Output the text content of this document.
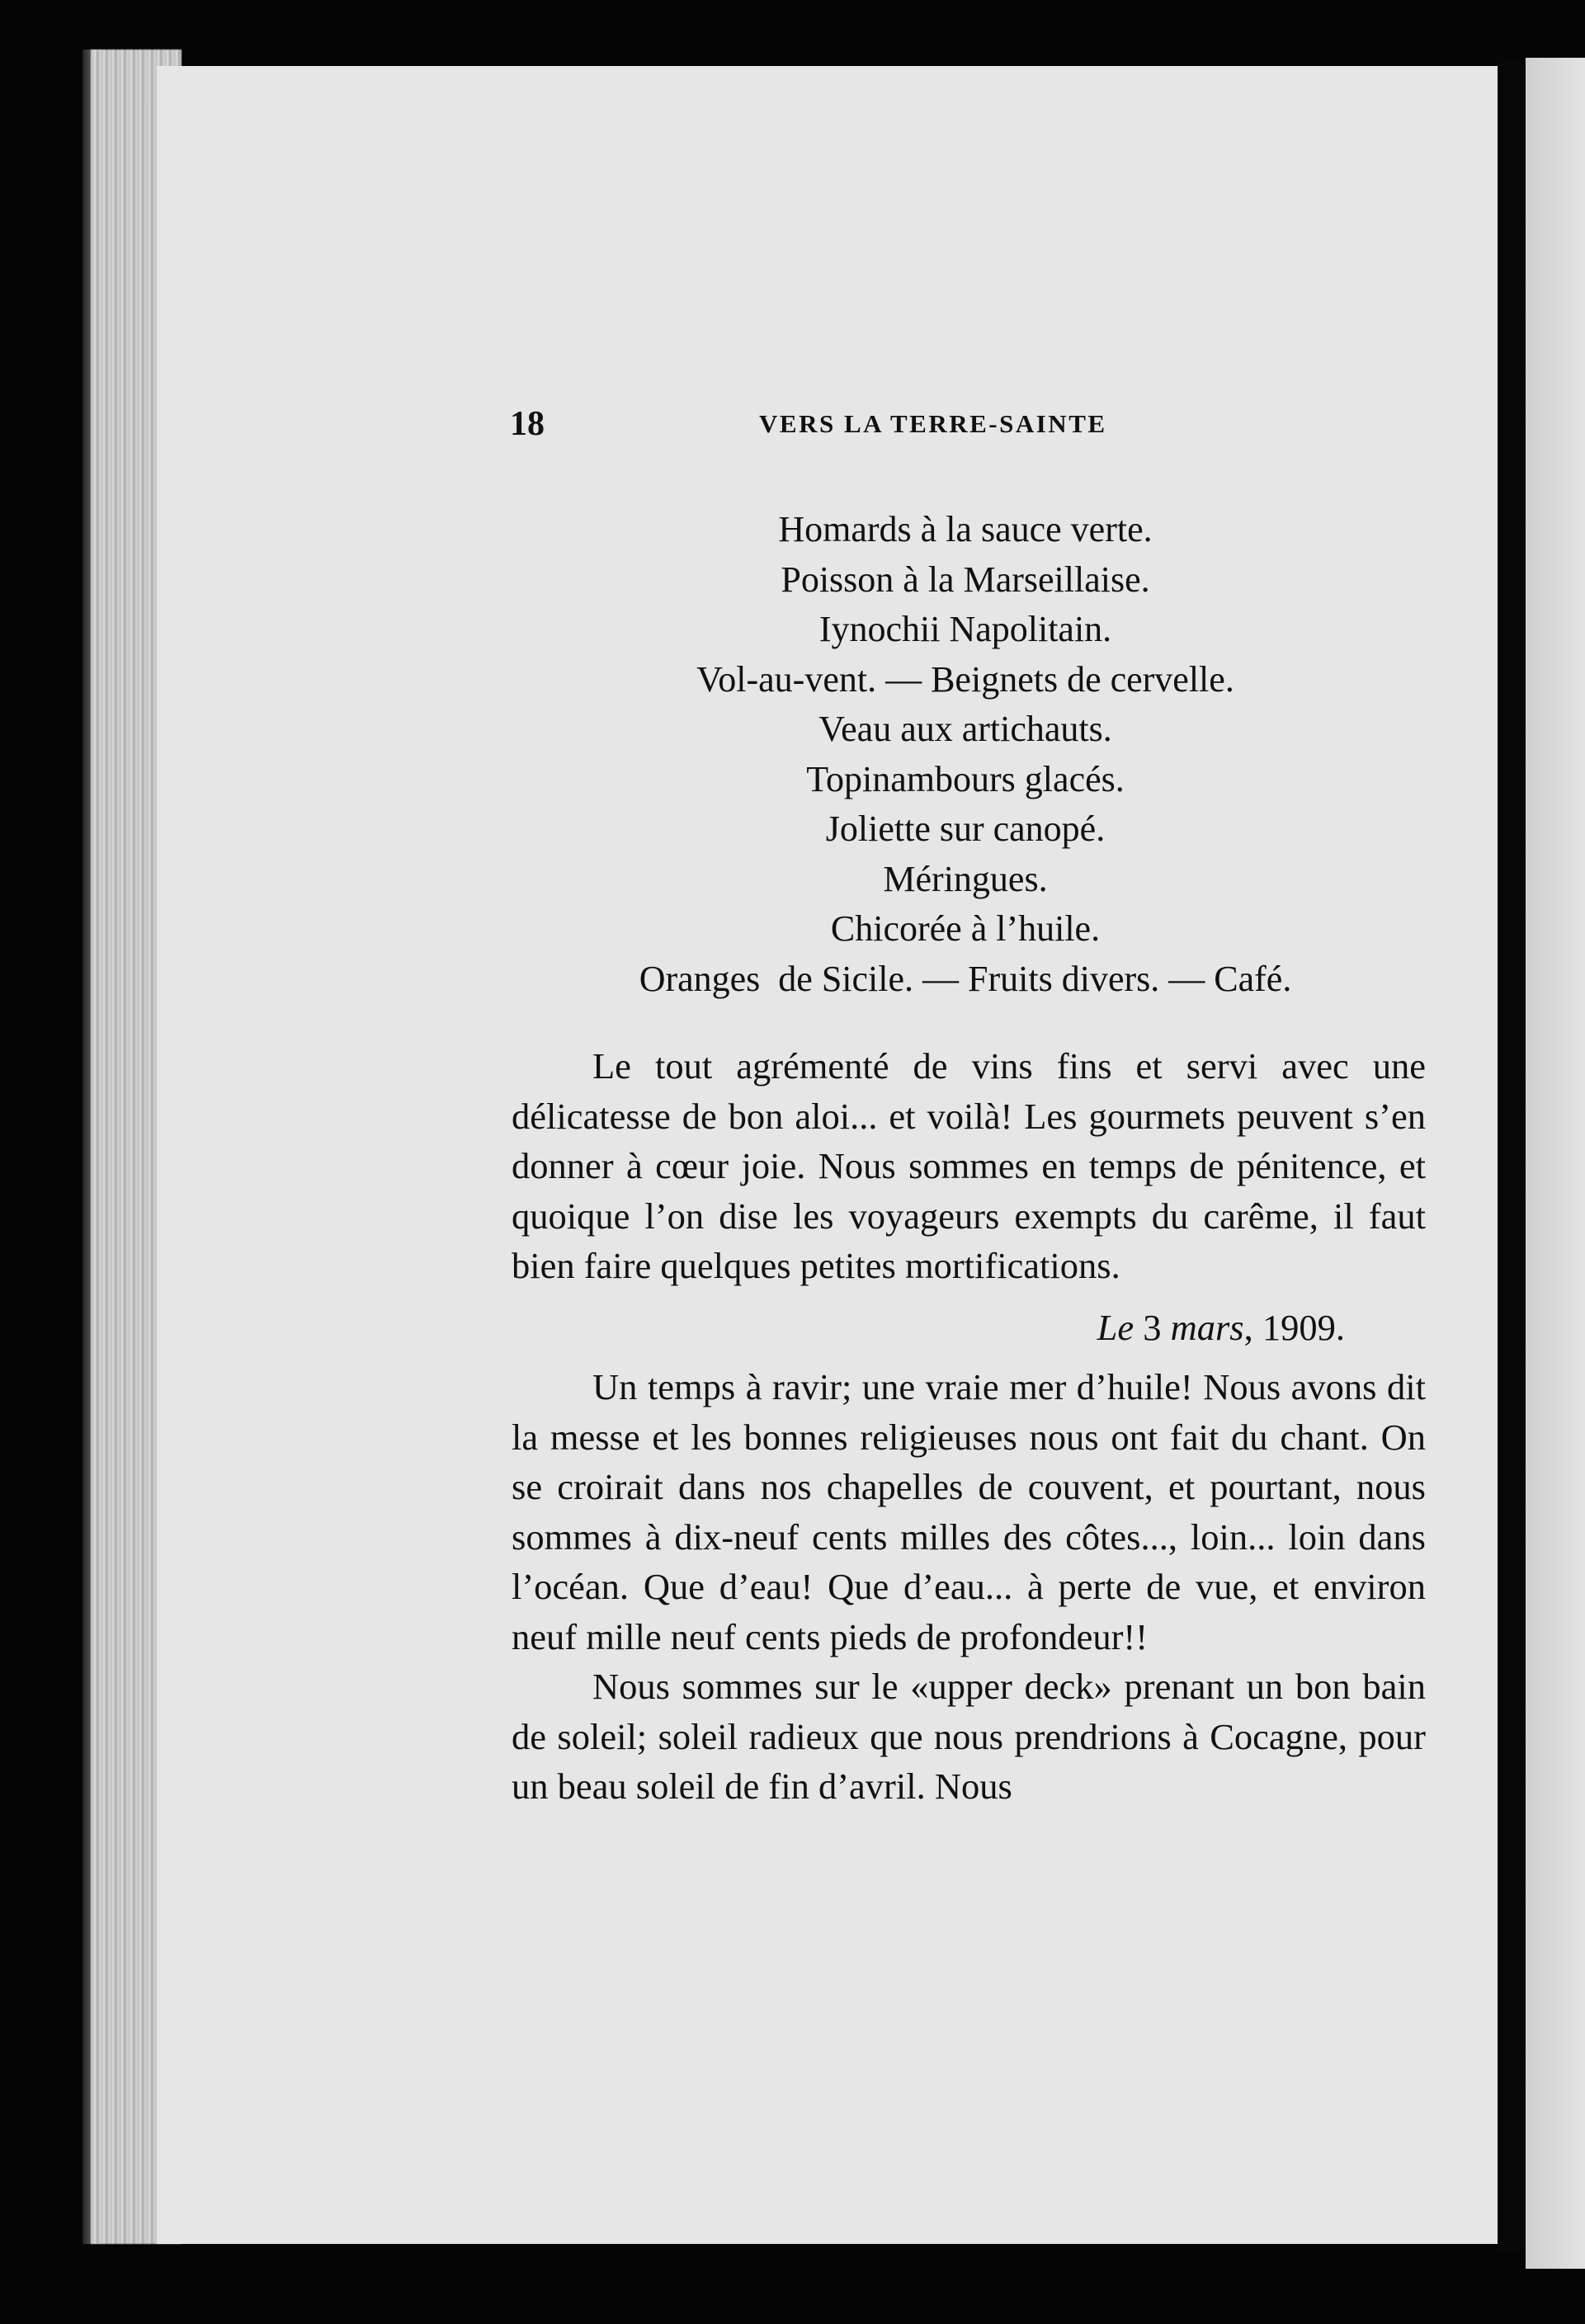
18	VERS LA TERRE-SAINTE
Homards à la sauce verte.
Poisson à la Marseillaise.
Iynochii Napolitain.
Vol-au-vent. — Beignets de cervelle.
Veau aux artichauts.
Topinambours glacés.
Joliette sur canopé.
Méringues.
Chicorée à l’huile.
Oranges  de Sicile. — Fruits divers. — Café.

Le tout agrémenté de vins fins et servi avec une délicatesse de bon aloi... et voilà! Les gourmets peuvent s’en donner à cœur joie. Nous sommes en temps de pénitence, et quoique l’on dise les voyageurs exempts du carême, il faut bien faire quelques petites mortifications.

Le 3 mars, 1909.

Un temps à ravir; une vraie mer d’huile! Nous avons dit la messe et les bonnes religieuses nous ont fait du chant. On se croirait dans nos chapelles de couvent, et pourtant, nous sommes à dix-neuf cents milles des côtes..., loin... loin dans l’océan. Que d’eau! Que d’eau... à perte de vue, et environ neuf mille neuf cents pieds de profondeur!!

Nous sommes sur le «upper deck» prenant un bon bain de soleil; soleil radieux que nous prendrions à Cocagne, pour un beau soleil de fin d’avril. Nous
